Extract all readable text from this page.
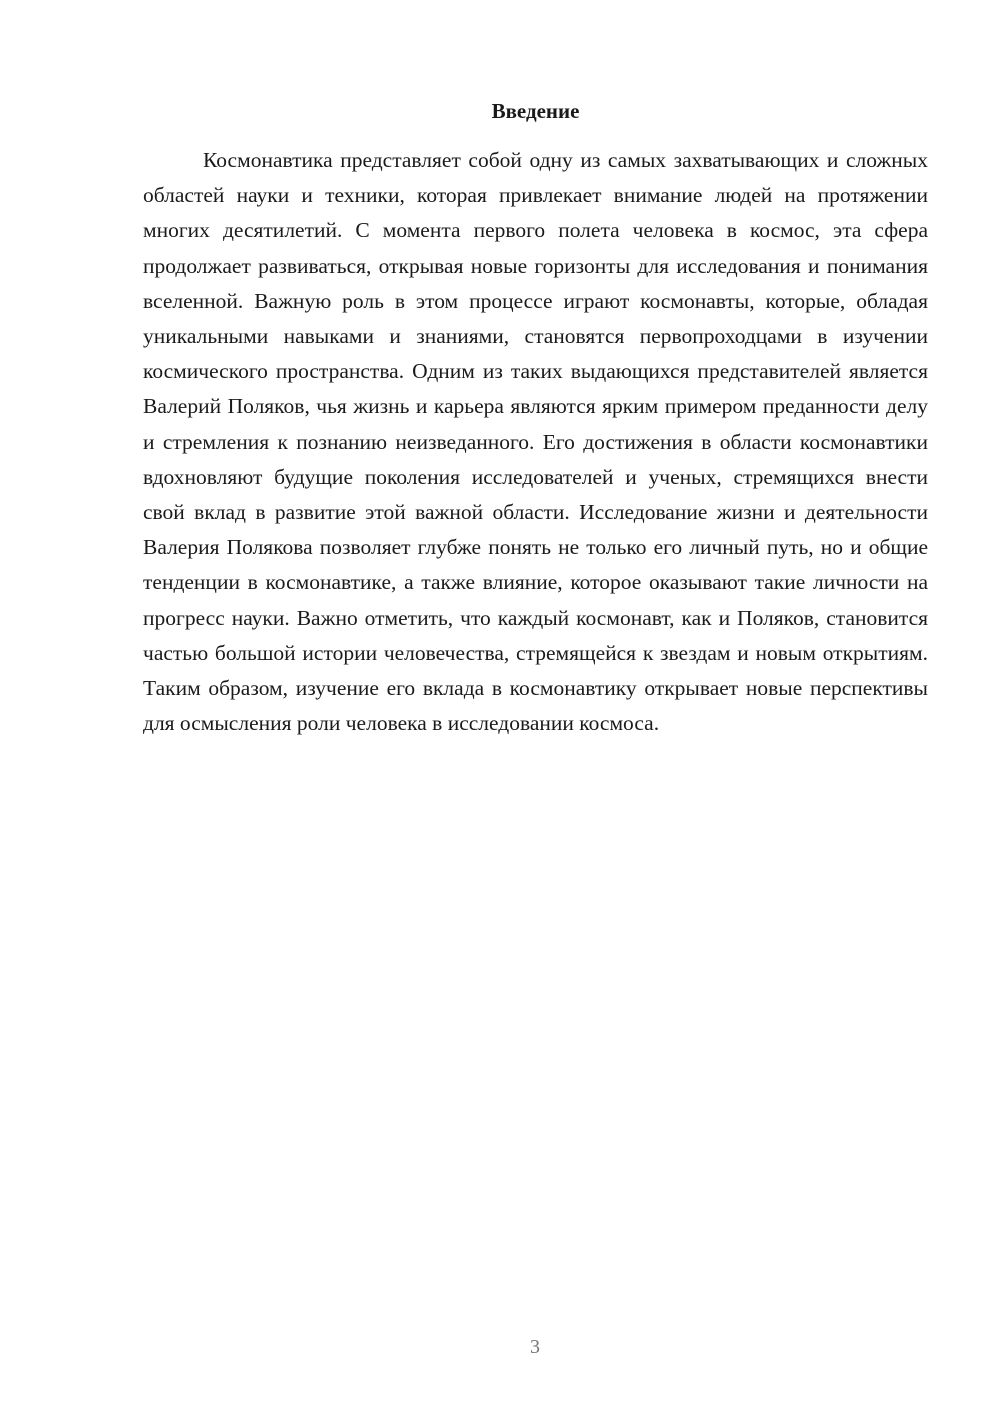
Введение

Космонавтика представляет собой одну из самых захватывающих и сложных областей науки и техники, которая привлекает внимание людей на протяжении многих десятилетий. С момента первого полета человека в космос, эта сфера продолжает развиваться, открывая новые горизонты для исследования и понимания вселенной. Важную роль в этом процессе играют космонавты, которые, обладая уникальными навыками и знаниями, становятся первопроходцами в изучении космического пространства. Одним из таких выдающихся представителей является Валерий Поляков, чья жизнь и карьера являются ярким примером преданности делу и стремления к познанию неизведанного. Его достижения в области космонавтики вдохновляют будущие поколения исследователей и ученых, стремящихся внести свой вклад в развитие этой важной области. Исследование жизни и деятельности Валерия Полякова позволяет глубже понять не только его личный путь, но и общие тенденции в космонавтике, а также влияние, которое оказывают такие личности на прогресс науки. Важно отметить, что каждый космонавт, как и Поляков, становится частью большой истории человечества, стремящейся к звездам и новым открытиям. Таким образом, изучение его вклада в космонавтику открывает новые перспективы для осмысления роли человека в исследовании космоса.

3
